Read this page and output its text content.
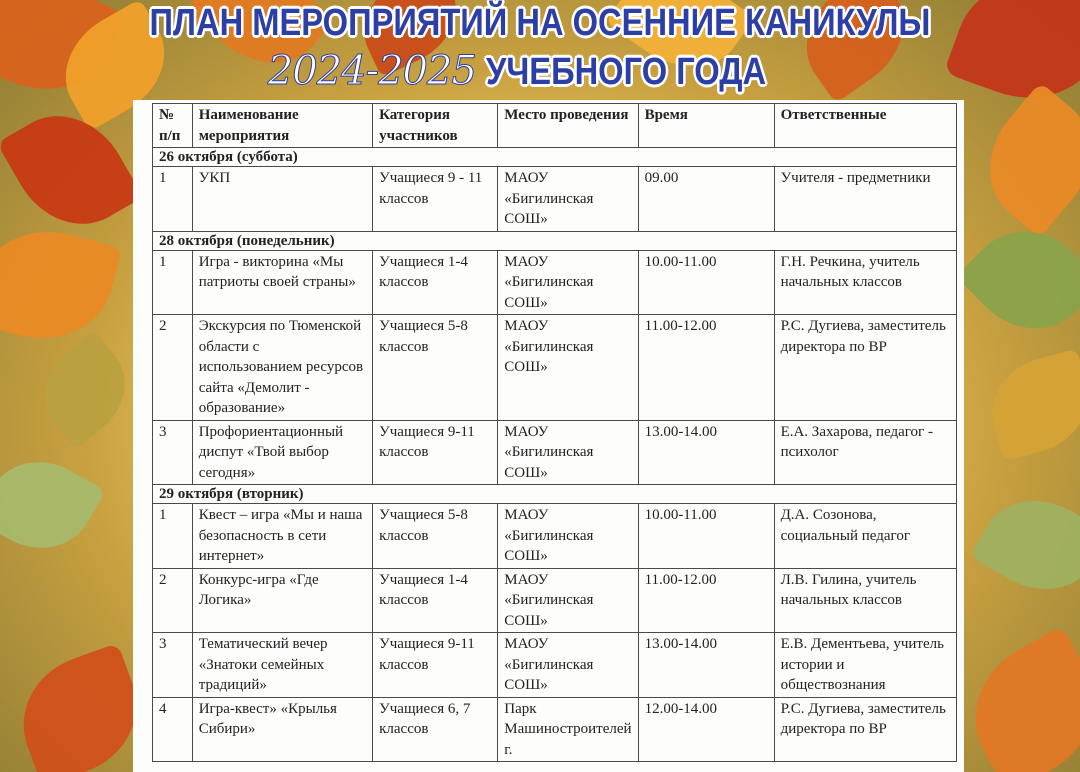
ПЛАН МЕРОПРИЯТИЙ НА ОСЕННИЕ КАНИКУЛЫ
2024-2025 УЧЕБНОГО ГОДА
№ п/п	Наименование мероприятия	Категория участников	Место проведения	Время	Ответственные
26 октября (суббота)					
1	УКП	Учащиеся 9 - 11 классов	МАОУ «Бигилинская СОШ»	09.00	Учителя - предметники
28 октября (понедельник)					
1	Игра - викторина «Мы патриоты своей страны»	Учащиеся 1-4 классов	МАОУ «Бигилинская СОШ»	10.00-11.00	Г.Н. Речкина, учитель начальных классов
2	Экскурсия по Тюменской области с использованием ресурсов сайта «Демолит - образование»	Учащиеся 5-8 классов	МАОУ «Бигилинская СОШ»	11.00-12.00	Р.С. Дугиева, заместитель директора по ВР
3	Профориентационный диспут «Твой выбор сегодня»	Учащиеся 9-11 классов	МАОУ «Бигилинская СОШ»	13.00-14.00	Е.А. Захарова, педагог - психолог
29 октября (вторник)					
1	Квест – игра «Мы и наша безопасность в сети интернет»	Учащиеся 5-8 классов	МАОУ «Бигилинская СОШ»	10.00-11.00	Д.А. Созонова, социальный педагог
2	Конкурс-игра «Где Логика»	Учащиеся 1-4 классов	МАОУ «Бигилинская СОШ»	11.00-12.00	Л.В. Гилина, учитель начальных классов
3	Тематический вечер «Знатоки семейных традиций»	Учащиеся 9-11 классов	МАОУ «Бигилинская СОШ»	13.00-14.00	Е.В. Дементьева, учитель истории и обществознания
4	Игра-квест» «Крылья Сибири»	Учащиеся 6, 7 классов	Парк Машиностроителей г.	12.00-14.00	Р.С. Дугиева, заместитель директора по ВР
